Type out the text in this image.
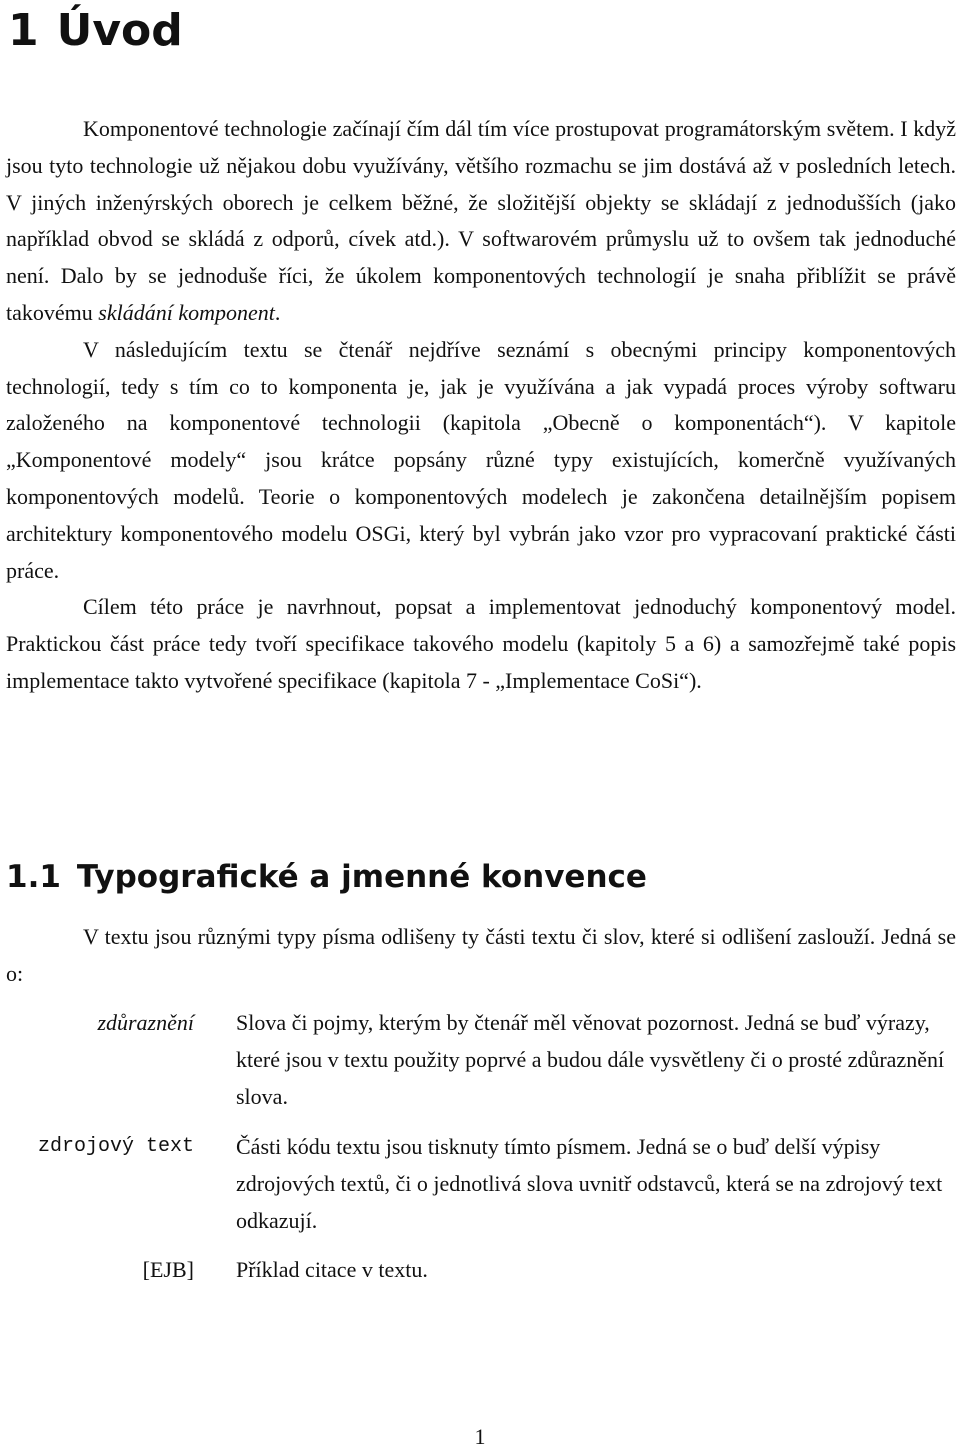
1 Úvod

Komponentové technologie začínají čím dál tím více prostupovat programátorským světem. I když jsou tyto technologie už nějakou dobu využívány, většího rozmachu se jim dostává až v posledních letech. V jiných inženýrských oborech je celkem běžné, že složitější objekty se skládají z jednodušších (jako například obvod se skládá z odporů, cívek atd.). V softwarovém průmyslu už to ovšem tak jednoduché není. Dalo by se jednoduše říci, že úkolem komponentových technologií je snaha přiblížit se právě takovému skládání komponent.

V následujícím textu se čtenář nejdříve seznámí s obecnými principy komponentových technologií, tedy s tím co to komponenta je, jak je využívána a jak vypadá proces výroby softwaru založeného na komponentové technologii (kapitola „Obecně o komponentách“). V kapitole „Komponentové modely“ jsou krátce popsány různé typy existujících, komerčně využívaných komponentových modelů. Teorie o komponentových modelech je zakončena detailnějším popisem architektury komponentového modelu OSGi, který byl vybrán jako vzor pro vypracovaní praktické části práce.

Cílem této práce je navrhnout, popsat a implementovat jednoduchý komponentový model. Praktickou část práce tedy tvoří specifikace takového modelu (kapitoly 5 a 6) a samozřejmě také popis implementace takto vytvořené specifikace (kapitola 7 - „Implementace CoSi“).

1.1 Typografické a jmenné konvence

V textu jsou různými typy písma odlišeny ty části textu či slov, které si odlišení zaslouží. Jedná se o:

zdůraznění Slova či pojmy, kterým by čtenář měl věnovat pozornost. Jedná se buď výrazy, které jsou v textu použity poprvé a budou dále vysvětleny či o prosté zdůraznění slova.
zdrojový text Části kódu textu jsou tisknuty tímto písmem. Jedná se o buď delší výpisy zdrojových textů, či o jednotlivá slova uvnitř odstavců, která se na zdrojový text odkazují.
[EJB] Příklad citace v textu.
1
